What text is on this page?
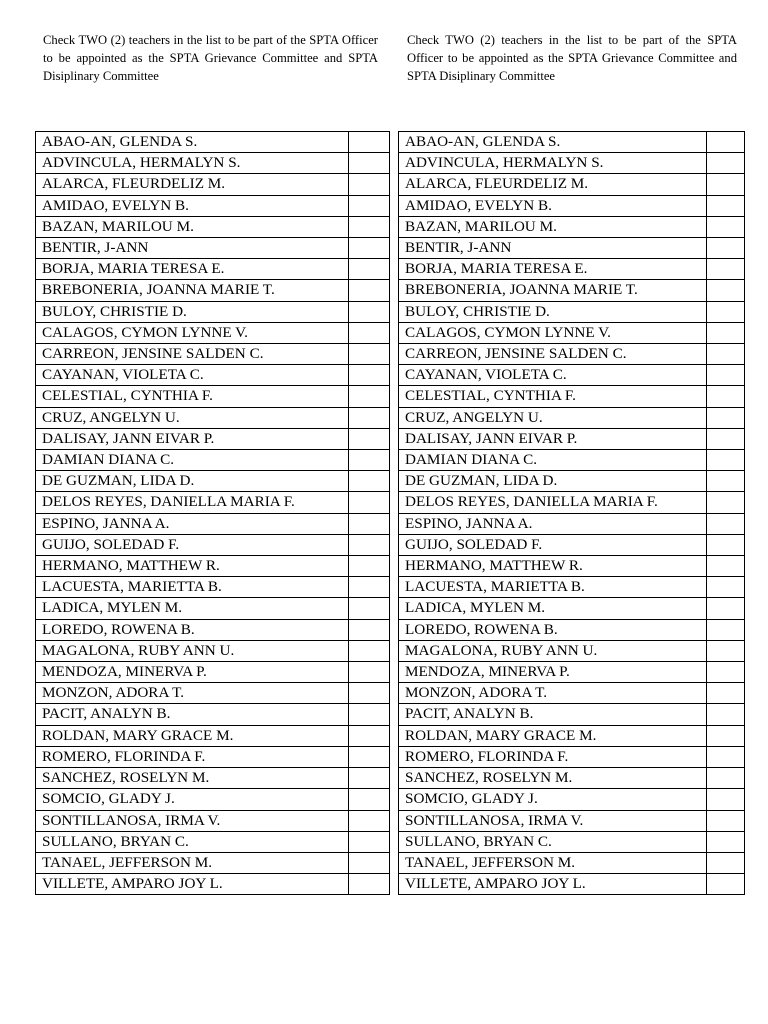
Check TWO (2) teachers in the list to be part of the SPTA Officer to be appointed as the SPTA Grievance Committee and SPTA Disiplinary Committee
ABAO-AN, GLENDA S.	
ADVINCULA, HERMALYN S.	
ALARCA, FLEURDELIZ M.	
AMIDAO, EVELYN B.	
BAZAN, MARILOU M.	
BENTIR, J-ANN	
BORJA, MARIA TERESA E.	
BREBONERIA, JOANNA MARIE T.	
BULOY, CHRISTIE D.	
CALAGOS, CYMON LYNNE V.	
CARREON, JENSINE SALDEN C.	
CAYANAN, VIOLETA C.	
CELESTIAL, CYNTHIA F.	
CRUZ, ANGELYN U.	
DALISAY, JANN EIVAR P.	
DAMIAN DIANA C.	
DE GUZMAN, LIDA D.	
DELOS REYES, DANIELLA MARIA F.	
ESPINO, JANNA A.	
GUIJO, SOLEDAD F.	
HERMANO, MATTHEW R.	
LACUESTA, MARIETTA B.	
LADICA, MYLEN M.	
LOREDO, ROWENA B.	
MAGALONA, RUBY ANN U.	
MENDOZA, MINERVA P.	
MONZON, ADORA T.	
PACIT, ANALYN B.	
ROLDAN, MARY GRACE M.	
ROMERO, FLORINDA F.	
SANCHEZ, ROSELYN M.	
SOMCIO, GLADY J.	
SONTILLANOSA, IRMA V.	
SULLANO, BRYAN C.	
TANAEL, JEFFERSON M.	
VILLETE, AMPARO JOY L.	
Check TWO (2) teachers in the list to be part of the SPTA Officer to be appointed as the SPTA Grievance Committee and SPTA Disiplinary Committee
ABAO-AN, GLENDA S.	
ADVINCULA, HERMALYN S.	
ALARCA, FLEURDELIZ M.	
AMIDAO, EVELYN B.	
BAZAN, MARILOU M.	
BENTIR, J-ANN	
BORJA, MARIA TERESA E.	
BREBONERIA, JOANNA MARIE T.	
BULOY, CHRISTIE D.	
CALAGOS, CYMON LYNNE V.	
CARREON, JENSINE SALDEN C.	
CAYANAN, VIOLETA C.	
CELESTIAL, CYNTHIA F.	
CRUZ, ANGELYN U.	
DALISAY, JANN EIVAR P.	
DAMIAN DIANA C.	
DE GUZMAN, LIDA D.	
DELOS REYES, DANIELLA MARIA F.	
ESPINO, JANNA A.	
GUIJO, SOLEDAD F.	
HERMANO, MATTHEW R.	
LACUESTA, MARIETTA B.	
LADICA, MYLEN M.	
LOREDO, ROWENA B.	
MAGALONA, RUBY ANN U.	
MENDOZA, MINERVA P.	
MONZON, ADORA T.	
PACIT, ANALYN B.	
ROLDAN, MARY GRACE M.	
ROMERO, FLORINDA F.	
SANCHEZ, ROSELYN M.	
SOMCIO, GLADY J.	
SONTILLANOSA, IRMA V.	
SULLANO, BRYAN C.	
TANAEL, JEFFERSON M.	
VILLETE, AMPARO JOY L.	
